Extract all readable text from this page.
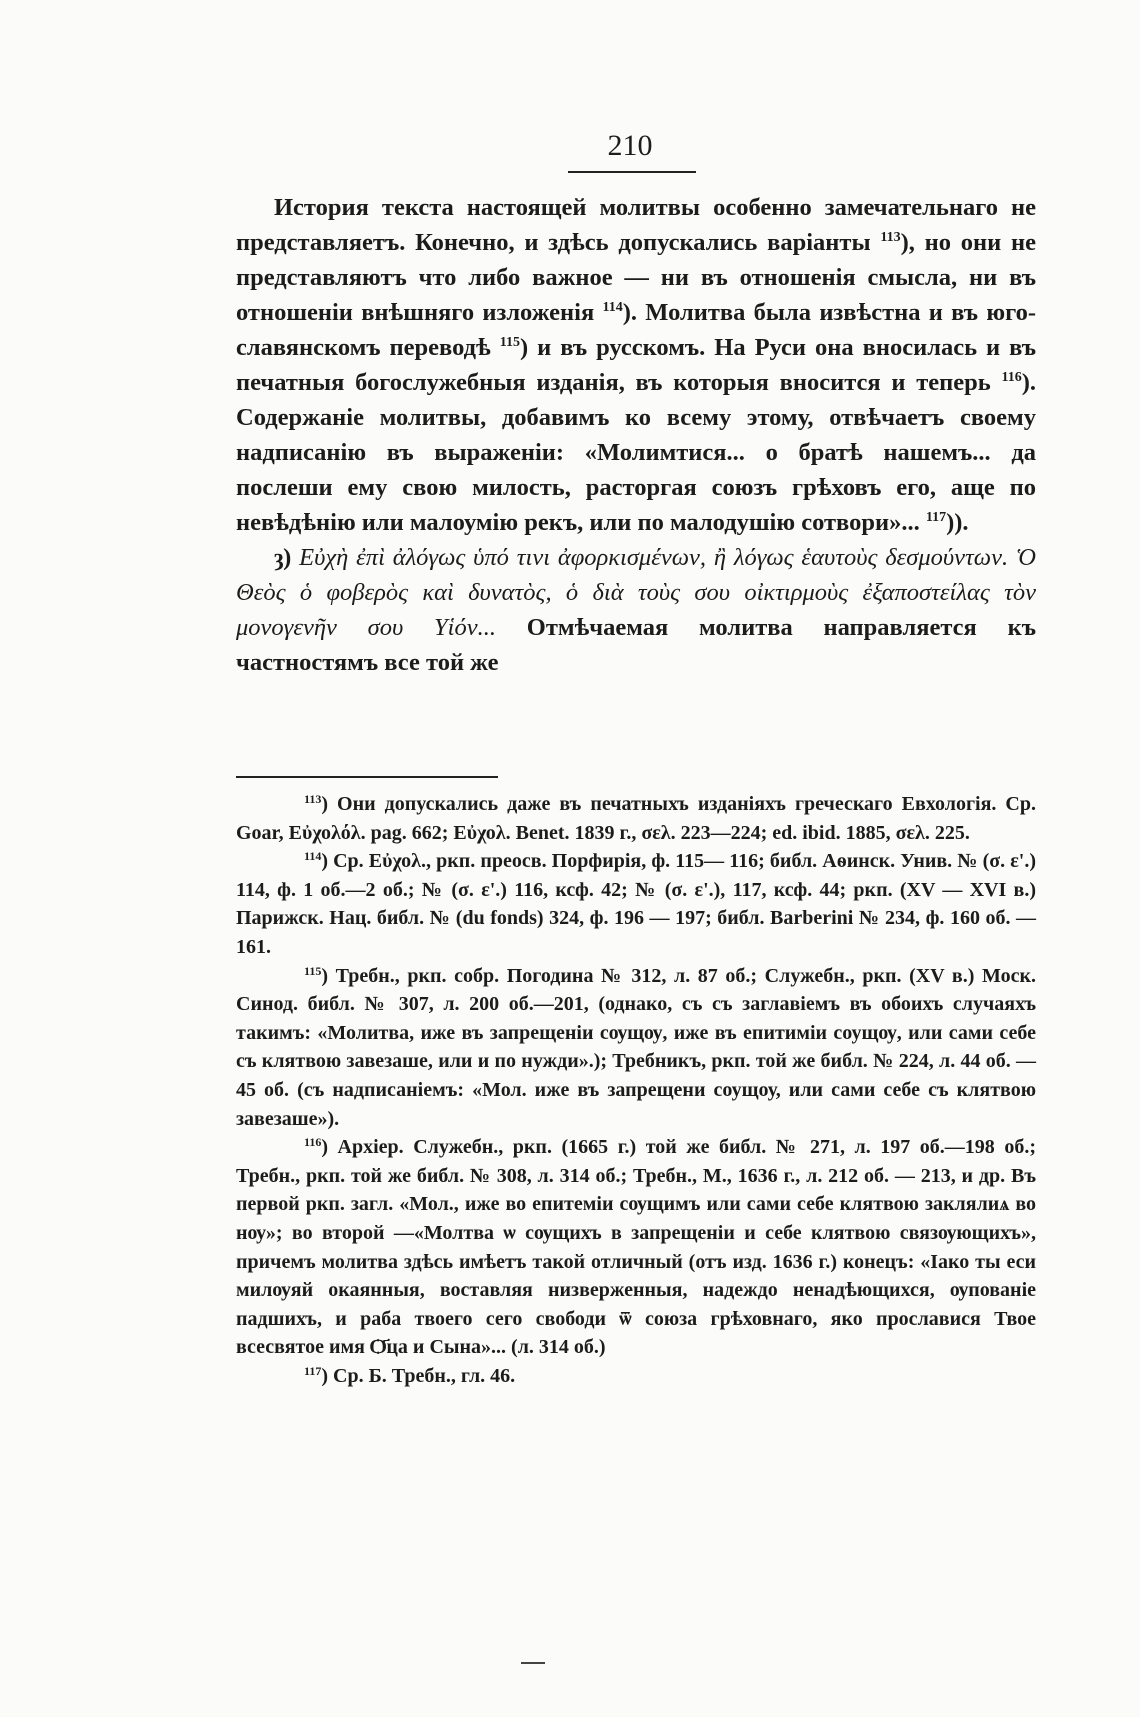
210

История текста настоящей молитвы особенно замечательнаго не представляетъ. Конечно, и здѣсь допускались варіанты $^{113}$), но они не представляютъ что либо важное — ни въ отношенія смысла, ни въ отношеніи внѣшняго изложенія $^{114}$). Молитва была извѣстна и въ юго-славянскомъ переводѣ $^{115}$) и въ русскомъ. На Руси она вносилась и въ печатныя богослужебныя изданія, въ которыя вносится и теперь $^{116}$). Содержаніе молитвы, добавимъ ко всему этому, отвѣчаетъ своему надписанію въ выраженіи: «Молимтися... о братѣ нашемъ... да послеши ему свою милость, расторгая союзъ грѣховъ его, аще по невѣдѣнію или малоумію рекъ, или по малодушію сотвори»... $^{117}$)).

ȝ) Εὐχὴ ἐπὶ ἀλόγως ὑπό τινι ἀφορκισμένων, ἢ λόγως ἑαυτοὺς δεσμούντων. Ὁ Θεὸς ὁ φοβερὸς καὶ δυνατὸς, ὁ διὰ τοὺς σου οἰκτιρμοὺς ἐξαποστείλας τὸν μονογενῆν σου Υἱόν... Отмѣчаемая молитва направляется къ частностямъ все той же

$^{113}$) Они допускались даже въ печатныхъ изданіяхъ греческаго Евхологія. Ср. Goar, Εὐχολόλ. pag. 662; Εὐχολ. Benet. 1839 г., σελ. 223—224; ed. ibid. 1885, σελ. 225.

$^{114}$) Ср. Εὐχολ., ркп. преосв. Порфирія, ф. 115— 116; библ. Аѳинск. Унив. № (σ. ε'.) 114, ф. 1 об.—2 об.; № (σ. ε'.) 116, ксф. 42; № (σ. ε'.), 117, ксф. 44; ркп. (XV — XVI в.) Парижск. Нац. библ. № (du fonds) 324, ф. 196 — 197; библ. Barberini № 234, ф. 160 об. — 161.

$^{115}$) Требн., ркп. собр. Погодина № 312, л. 87 об.; Служебн., ркп. (XV в.) Моск. Синод. библ. № 307, л. 200 об.—201, (однако, съ съ заглавіемъ въ обоихъ случаяхъ такимъ: «Молитва, иже въ запрещеніи сѹщѹ, иже въ епитиміи соущѹ, или сами себе съ клятвою завезаше, или и по нужди».); Требникъ, ркп. той же библ. № 224, л. 44 об. — 45 об. (съ надписаніемъ: «Мол. иже въ запрещени соущоу, или сами себе съ клятвою завезаше»).

$^{116}$) Архіер. Служебн., ркп. (1665 г.) той же библ. № 271, л. 197 об.—198 об.; Требн., ркп. той же библ. № 308, л. 314 об.; Требн., М., 1636 г., л. 212 об. — 213, и др. Въ первой ркп. загл. «Мол., иже во епитеміи сѹщимъ или сами себе клятвою заклялиѧ во нѹ»; во второй —«Молтва ѡ сѹщихъ в запрещеніи и себе клятвою связѹющихъ», причемъ молитва здѣсь имѣетъ такой отличный (отъ изд. 1636 г.) конецъ: «Іако ты еси милѹяй окаянныя, воставляя низверженныя, надеждо ненадѣющихся, ѹпованіе падшихъ, и раба твоего сего свободи ѿ союза грѣховнаго, яко прославися Твое всесвятое имя Ѻ҃ца и Сына»... (л. 314 об.)

$^{117}$) Ср. Б. Требн., гл. 46.
